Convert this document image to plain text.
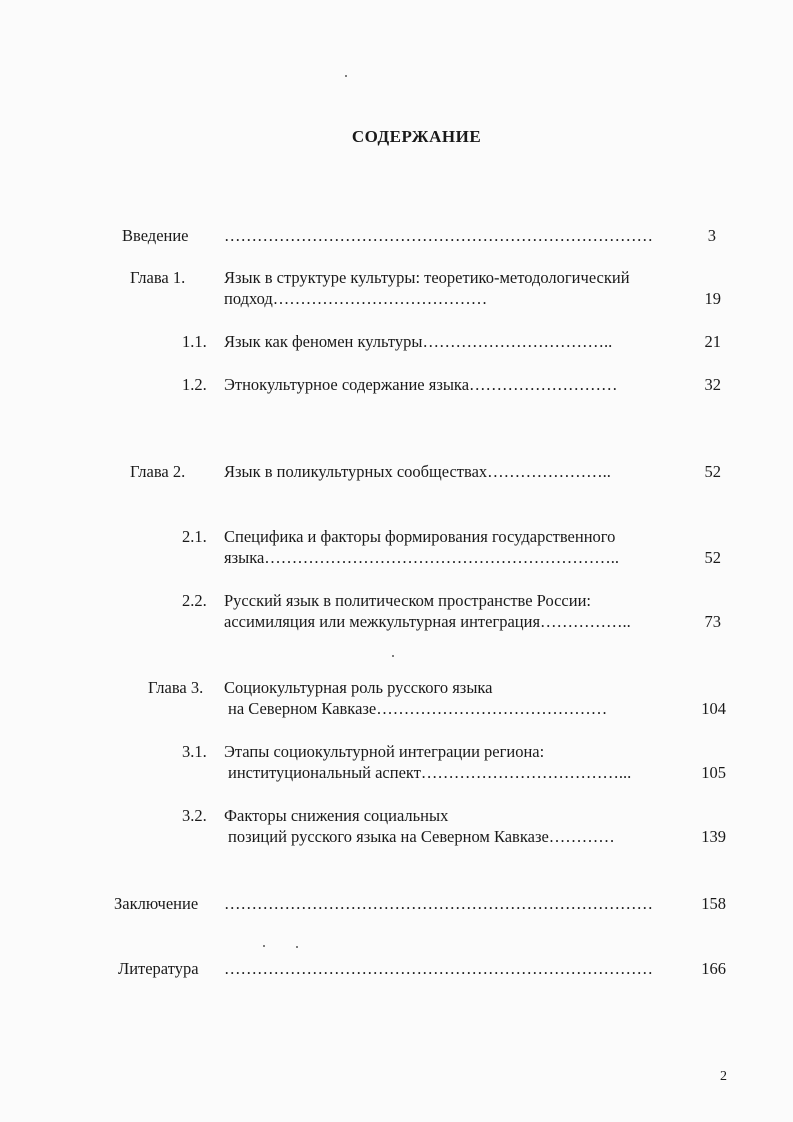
СОДЕРЖАНИЕ
Введение ……………………………………………………………………	3
Глава 1. Язык в структуре культуры: теоретико-методологический
подход…………………………………	19
1.1. Язык как феномен культуры……………………………..	21
1.2. Этнокультурное содержание языка………………………	32
Глава 2. Язык в поликультурных сообществах…………………..	52
2.1. Специфика и факторы формирования государственного
языка………………………………………………………..	52
2.2. Русский язык в политическом пространстве России:
ассимиляция или межкультурная интеграция……………..	73
Глава 3. Социокультурная роль русского языка
на Северном Кавказе……………………………………	104
3.1. Этапы социокультурной интеграции региона:
институциональный аспект………………………………...	105
3.2. Факторы снижения социальных
позиций русского языка на Северном Кавказе…………	139
Заключение ……………………………………………………………………	158
Литература ……………………………………………………………………	166
2
